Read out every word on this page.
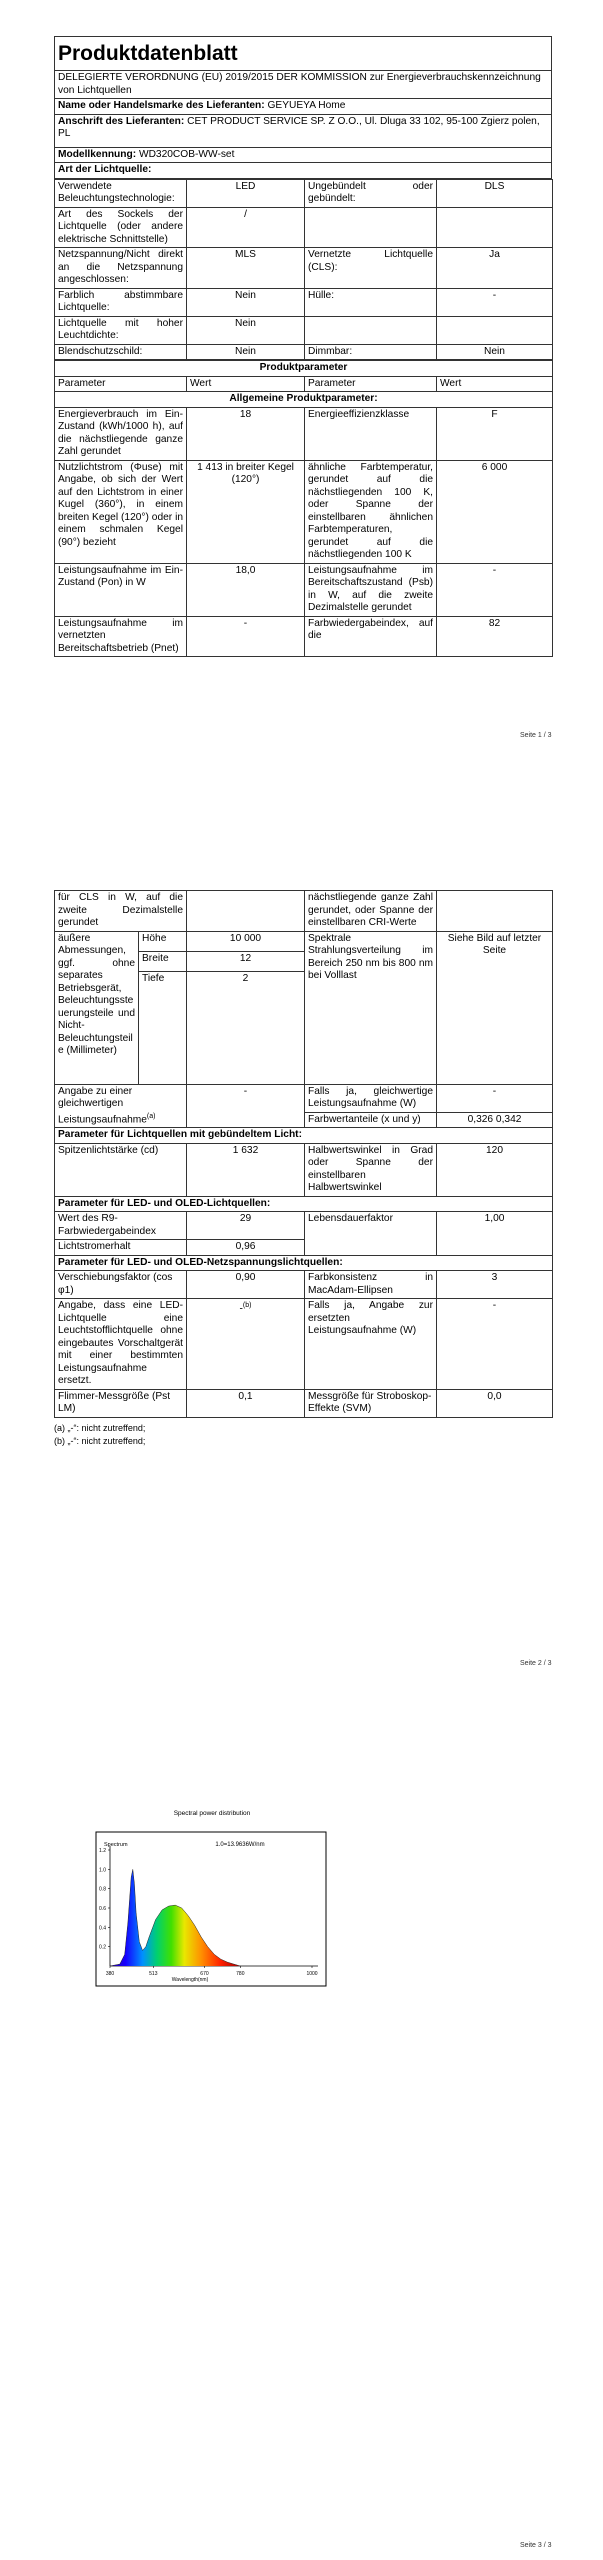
Produktdatenblatt
DELEGIERTE VERORDNUNG (EU) 2019/2015 DER KOMMISSION zur Energieverbrauchskennzeichnung von Lichtquellen
Name oder Handelsmarke des Lieferanten: GEYUEYA Home
Anschrift des Lieferanten: CET PRODUCT SERVICE SP. Z O.O., Ul. Dluga 33 102, 95-100 Zgierz polen, PL
Modellkennung: WD320COB-WW-set
Art der Lichtquelle:
Verwendete Beleuchtungstechnologie:	LED	Ungebündelt oder gebündelt:	DLS
Art des Sockels der Lichtquelle (oder andere elektrische Schnittstelle)	/		
Netzspannung/Nicht direkt an die Netzspannung angeschlossen:	MLS	Vernetzte Lichtquelle (CLS):	Ja
Farblich abstimmbare Lichtquelle:	Nein	Hülle:	-
Lichtquelle mit hoher Leuchtdichte:	Nein		
Blendschutzschild:	Nein	Dimmbar:	Nein
Produktparameter			
Parameter	Wert	Parameter	Wert
Allgemeine Produktparameter:			
Energieverbrauch im Ein-Zustand (kWh/1000 h), auf die nächstliegende ganze Zahl gerundet	18	Energieeffizienzklasse	F
Nutzlichtstrom (Φuse) mit Angabe, ob sich der Wert auf den Lichtstrom in einer Kugel (360°), in einem breiten Kegel (120°) oder in einem schmalen Kegel (90°) bezieht	1 413 in breiter Kegel (120°)	ähnliche Farbtemperatur, gerundet auf die nächstliegenden 100 K, oder Spanne der einstellbaren ähnlichen Farbtemperaturen, gerundet auf die nächstliegenden 100 K	6 000
Leistungsaufnahme im Ein-Zustand (Pon) in W	18,0	Leistungsaufnahme im Bereitschaftszustand (Psb) in W, auf die zweite Dezimalstelle gerundet	-
Leistungsaufnahme im vernetzten Bereitschaftsbetrieb (Pnet)	-	Farbwiedergabeindex, auf die	82
Seite 1 / 3
für CLS in W, auf die zweite Dezimalstelle gerundet			nächstliegende ganze Zahl gerundet, oder Spanne der einstellbaren CRI-Werte	
äußere Abmessungen, ggf. ohne separates Betriebsgerät, Beleuchtungssteuerungsteile und Nicht-Beleuchtungsteile (Millimeter)	Höhe	10 000	Spektrale Strahlungsverteilung im Bereich 250 nm bis 800 nm bei Volllast	Siehe Bild auf letzter Seite
	Breite	12		
	Tiefe	2		
Angabe zu einer gleichwertigen Leistungsaufnahme$^{(a)}$		-	Falls ja, gleichwertige Leistungsaufnahme (W)	-
			Farbwertanteile (x und y)	0,326 0,342
Parameter für Lichtquellen mit gebündeltem Licht:				
Spitzenlichtstärke (cd)		1 632	Halbwertswinkel in Grad oder Spanne der einstellbaren Halbwertswinkel	120
Parameter für LED- und OLED-Lichtquellen:				
Wert des R9-Farbwiedergabeindex		29	Lebensdauerfaktor	1,00
Lichtstromerhalt		0,96		
Parameter für LED- und OLED-Netzspannungslichtquellen:				
Verschiebungsfaktor (cos φ1)		0,90	Farbkonsistenz in MacAdam-Ellipsen	3
Angabe, dass eine LED-Lichtquelle eine Leuchtstofflichtquelle ohne eingebautes Vorschaltgerät mit einer bestimmten Leistungsaufnahme ersetzt.		-$^{(b)}$	Falls ja, Angabe zur ersetzten Leistungsaufnahme (W)	-
Flimmer-Messgröße (Pst LM)		0,1	Messgröße für Stroboskop-Effekte (SVM)	0,0
(a) „-“: nicht zutreffend;
(b) „-“: nicht zutreffend;
Seite 2 / 3
Spectral power distribution
0.2
0.4
0.6
0.8
1.0
1.2
380	513	670	780	1000
1.0=13.9636W/nm
Spectrum
Wavelength(nm)
Seite 3 / 3
